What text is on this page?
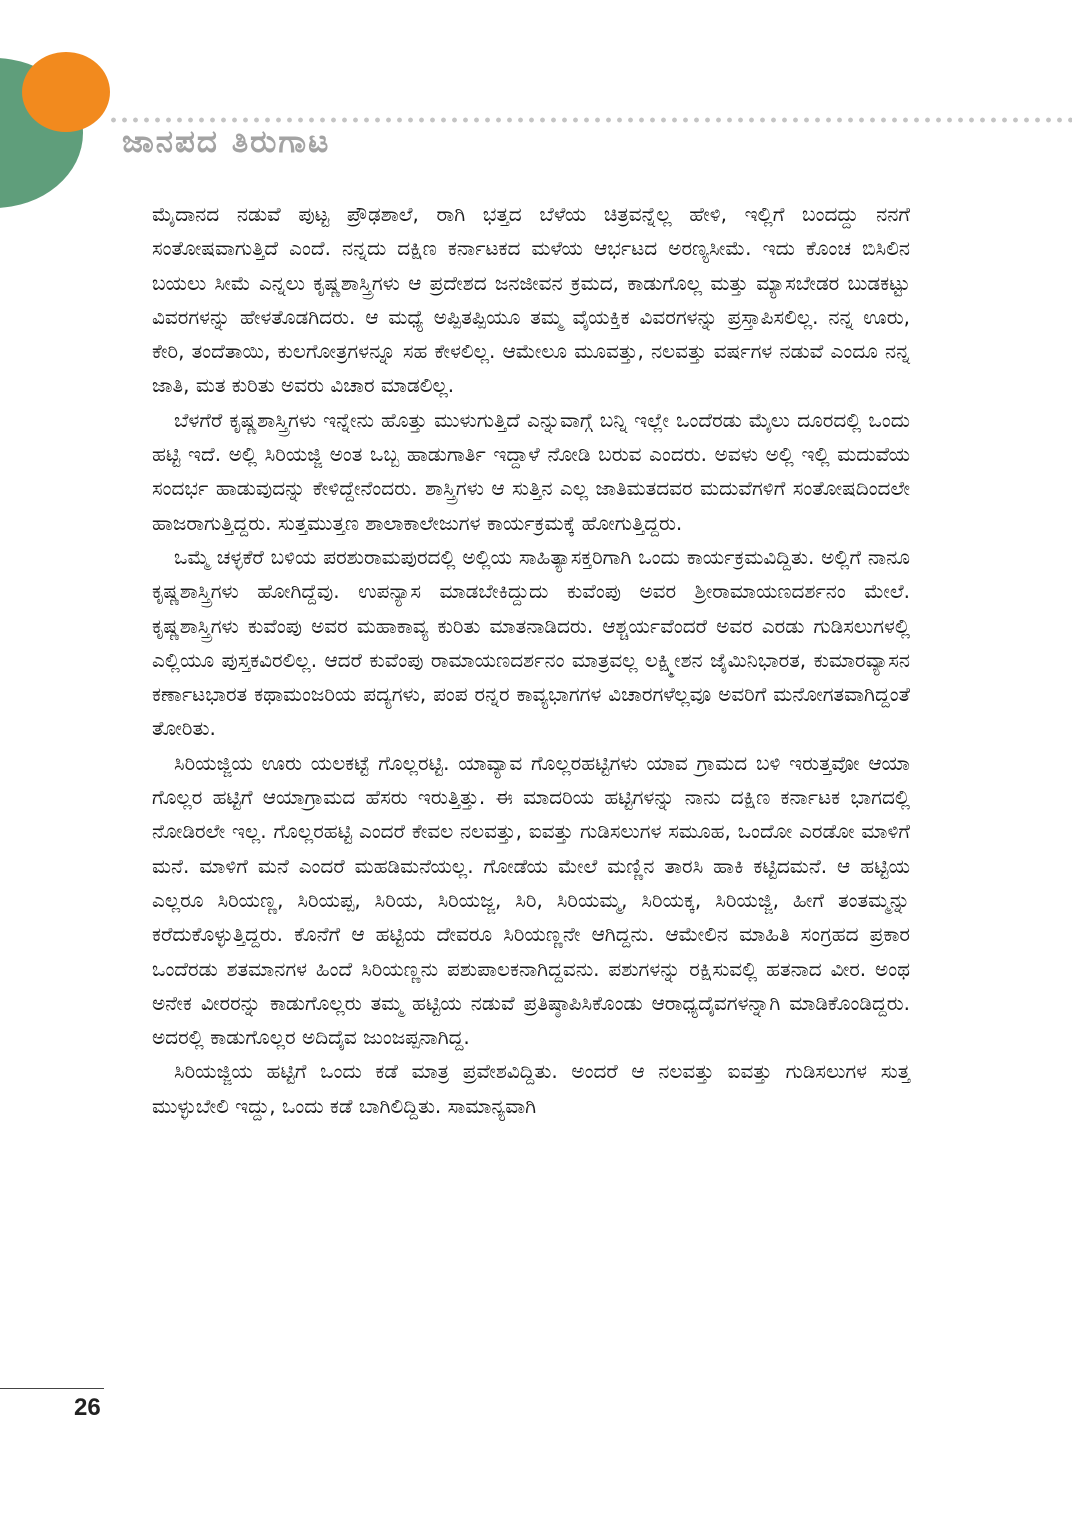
ಜಾನಪದ ತಿರುಗಾಟ

ಮೈದಾನದ ನಡುವೆ ಪುಟ್ಟ ಪ್ರೌಢಶಾಲೆ, ರಾಗಿ ಭತ್ತದ ಬೆಳೆಯ ಚಿತ್ರವನ್ನೆಲ್ಲ ಹೇಳಿ, ಇಲ್ಲಿಗೆ ಬಂದದ್ದು ನನಗೆ ಸಂತೋಷವಾಗುತ್ತಿದೆ ಎಂದೆ. ನನ್ನದು ದಕ್ಷಿಣ ಕರ್ನಾಟಕದ ಮಳೆಯ ಆರ್ಭಟದ ಅರಣ್ಯಸೀಮೆ. ಇದು ಕೊಂಚ ಬಿಸಿಲಿನ ಬಯಲು ಸೀಮೆ ಎನ್ನಲು ಕೃಷ್ಣಶಾಸ್ತ್ರಿಗಳು ಆ ಪ್ರದೇಶದ ಜನಜೀವನ ಕ್ರಮದ, ಕಾಡುಗೊಲ್ಲ ಮತ್ತು ಮ್ಯಾಸಬೇಡರ ಬುಡಕಟ್ಟು ವಿವರಗಳನ್ನು ಹೇಳತೊಡಗಿದರು. ಆ ಮಧ್ಯೆ ಅಪ್ಪಿತಪ್ಪಿಯೂ ತಮ್ಮ ವೈಯಕ್ತಿಕ ವಿವರಗಳನ್ನು ಪ್ರಸ್ತಾಪಿಸಲಿಲ್ಲ. ನನ್ನ ಊರು, ಕೇರಿ, ತಂದೆತಾಯಿ, ಕುಲಗೋತ್ರಗಳನ್ನೂ ಸಹ ಕೇಳಲಿಲ್ಲ. ಆಮೇಲೂ ಮೂವತ್ತು, ನಲವತ್ತು ವರ್ಷಗಳ ನಡುವೆ ಎಂದೂ ನನ್ನ ಜಾತಿ, ಮತ ಕುರಿತು ಅವರು ವಿಚಾರ ಮಾಡಲಿಲ್ಲ.

ಬೆಳಗೆರೆ ಕೃಷ್ಣಶಾಸ್ತ್ರಿಗಳು ಇನ್ನೇನು ಹೊತ್ತು ಮುಳುಗುತ್ತಿದೆ ಎನ್ನುವಾಗ್ಗೆ ಬನ್ನಿ ಇಲ್ಲೇ ಒಂದೆರಡು ಮೈಲು ದೂರದಲ್ಲಿ ಒಂದು ಹಟ್ಟಿ ಇದೆ. ಅಲ್ಲಿ ಸಿರಿಯಜ್ಜಿ ಅಂತ ಒಬ್ಬ ಹಾಡುಗಾರ್ತಿ ಇದ್ದಾಳೆ ನೋಡಿ ಬರುವ ಎಂದರು. ಅವಳು ಅಲ್ಲಿ ಇಲ್ಲಿ ಮದುವೆಯ ಸಂದರ್ಭ ಹಾಡುವುದನ್ನು ಕೇಳಿದ್ದೇನೆಂದರು. ಶಾಸ್ತ್ರಿಗಳು ಆ ಸುತ್ತಿನ ಎಲ್ಲ ಜಾತಿಮತದವರ ಮದುವೆಗಳಿಗೆ ಸಂತೋಷದಿಂದಲೇ ಹಾಜರಾಗುತ್ತಿದ್ದರು. ಸುತ್ತಮುತ್ತಣ ಶಾಲಾಕಾಲೇಜುಗಳ ಕಾರ್ಯಕ್ರಮಕ್ಕೆ ಹೋಗುತ್ತಿದ್ದರು.

ಒಮ್ಮೆ ಚಳ್ಳಕೆರೆ ಬಳಿಯ ಪರಶುರಾಮಪುರದಲ್ಲಿ ಅಲ್ಲಿಯ ಸಾಹಿತ್ಯಾಸಕ್ತರಿಗಾಗಿ ಒಂದು ಕಾರ್ಯಕ್ರಮವಿದ್ದಿತು. ಅಲ್ಲಿಗೆ ನಾನೂ ಕೃಷ್ಣಶಾಸ್ತ್ರಿಗಳು ಹೋಗಿದ್ದೆವು. ಉಪನ್ಯಾಸ ಮಾಡಬೇಕಿದ್ದುದು ಕುವೆಂಪು ಅವರ ಶ್ರೀರಾಮಾಯಣದರ್ಶನಂ ಮೇಲೆ. ಕೃಷ್ಣಶಾಸ್ತ್ರಿಗಳು ಕುವೆಂಪು ಅವರ ಮಹಾಕಾವ್ಯ ಕುರಿತು ಮಾತನಾಡಿದರು. ಆಶ್ಚರ್ಯವೆಂದರೆ ಅವರ ಎರಡು ಗುಡಿಸಲುಗಳಲ್ಲಿ ಎಲ್ಲಿಯೂ ಪುಸ್ತಕವಿರಲಿಲ್ಲ. ಆದರೆ ಕುವೆಂಪು ರಾಮಾಯಣದರ್ಶನಂ ಮಾತ್ರವಲ್ಲ ಲಕ್ಷ್ಮೀಶನ ಜೈಮಿನಿಭಾರತ, ಕುಮಾರವ್ಯಾಸನ ಕರ್ಣಾಟಭಾರತ ಕಥಾಮಂಜರಿಯ ಪದ್ಯಗಳು, ಪಂಪ ರನ್ನರ ಕಾವ್ಯಭಾಗಗಳ ವಿಚಾರಗಳೆಲ್ಲವೂ ಅವರಿಗೆ ಮನೋಗತವಾಗಿದ್ದಂತೆ ತೋರಿತು.

ಸಿರಿಯಜ್ಜಿಯ ಊರು ಯಲಕಟ್ಟೆ ಗೊಲ್ಲರಟ್ಟಿ. ಯಾವ್ಯಾವ ಗೊಲ್ಲರಹಟ್ಟಿಗಳು ಯಾವ ಗ್ರಾಮದ ಬಳಿ ಇರುತ್ತವೋ ಆಯಾ ಗೊಲ್ಲರ ಹಟ್ಟಿಗೆ ಆಯಾಗ್ರಾಮದ ಹೆಸರು ಇರುತ್ತಿತ್ತು. ಈ ಮಾದರಿಯ ಹಟ್ಟಿಗಳನ್ನು ನಾನು ದಕ್ಷಿಣ ಕರ್ನಾಟಕ ಭಾಗದಲ್ಲಿ ನೋಡಿರಲೇ ಇಲ್ಲ. ಗೊಲ್ಲರಹಟ್ಟಿ ಎಂದರೆ ಕೇವಲ ನಲವತ್ತು, ಐವತ್ತು ಗುಡಿಸಲುಗಳ ಸಮೂಹ, ಒಂದೋ ಎರಡೋ ಮಾಳಿಗೆ ಮನೆ. ಮಾಳಿಗೆ ಮನೆ ಎಂದರೆ ಮಹಡಿಮನೆಯಲ್ಲ. ಗೋಡೆಯ ಮೇಲೆ ಮಣ್ಣಿನ ತಾರಸಿ ಹಾಕಿ ಕಟ್ಟಿದಮನೆ. ಆ ಹಟ್ಟಿಯ ಎಲ್ಲರೂ ಸಿರಿಯಣ್ಣ, ಸಿರಿಯಪ್ಪ, ಸಿರಿಯ, ಸಿರಿಯಜ್ಜ, ಸಿರಿ, ಸಿರಿಯಮ್ಮ, ಸಿರಿಯಕ್ಕ, ಸಿರಿಯಜ್ಜಿ, ಹೀಗೆ ತಂತಮ್ಮನ್ನು ಕರೆದುಕೊಳ್ಳುತ್ತಿದ್ದರು. ಕೊನೆಗೆ ಆ ಹಟ್ಟಿಯ ದೇವರೂ ಸಿರಿಯಣ್ಣನೇ ಆಗಿದ್ದನು. ಆಮೇಲಿನ ಮಾಹಿತಿ ಸಂಗ್ರಹದ ಪ್ರಕಾರ ಒಂದೆರಡು ಶತಮಾನಗಳ ಹಿಂದೆ ಸಿರಿಯಣ್ಣನು ಪಶುಪಾಲಕನಾಗಿದ್ದವನು. ಪಶುಗಳನ್ನು ರಕ್ಷಿಸುವಲ್ಲಿ ಹತನಾದ ವೀರ. ಅಂಥ ಅನೇಕ ವೀರರನ್ನು ಕಾಡುಗೊಲ್ಲರು ತಮ್ಮ ಹಟ್ಟಿಯ ನಡುವೆ ಪ್ರತಿಷ್ಠಾಪಿಸಿಕೊಂಡು ಆರಾಧ್ಯದೈವಗಳನ್ನಾಗಿ ಮಾಡಿಕೊಂಡಿದ್ದರು. ಅದರಲ್ಲಿ ಕಾಡುಗೊಲ್ಲರ ಅದಿದೈವ ಜುಂಜಪ್ಪನಾಗಿದ್ದ.

ಸಿರಿಯಜ್ಜಿಯ ಹಟ್ಟಿಗೆ ಒಂದು ಕಡೆ ಮಾತ್ರ ಪ್ರವೇಶವಿದ್ದಿತು. ಅಂದರೆ ಆ ನಲವತ್ತು ಐವತ್ತು ಗುಡಿಸಲುಗಳ ಸುತ್ತ ಮುಳ್ಳುಬೇಲಿ ಇದ್ದು, ಒಂದು ಕಡೆ ಬಾಗಿಲಿದ್ದಿತು. ಸಾಮಾನ್ಯವಾಗಿ

26
